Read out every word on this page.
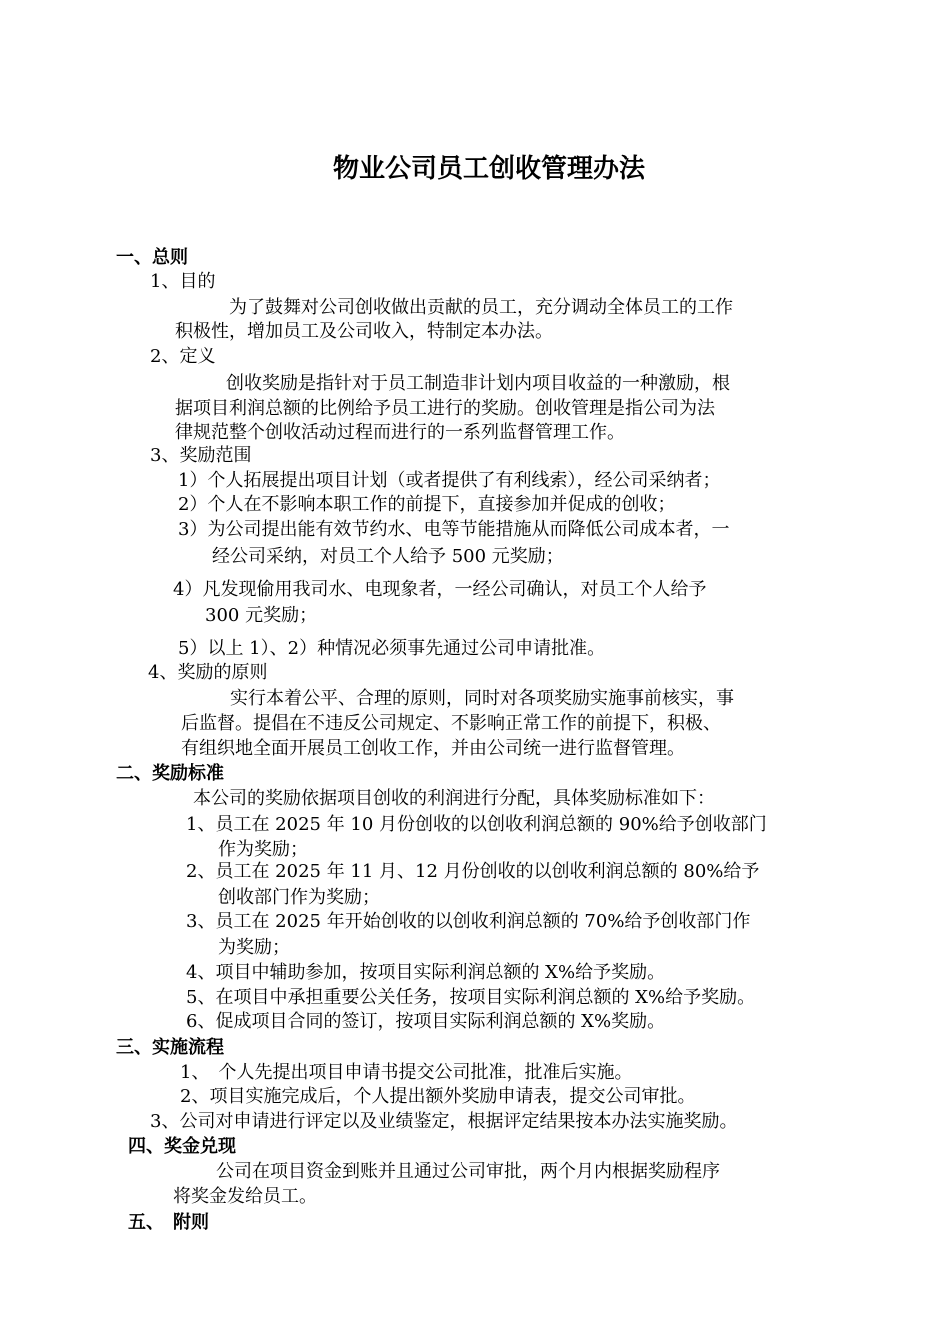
物业公司员工创收管理办法
一、总则
1、目的
为了鼓舞对公司创收做出贡献的员工，充分调动全体员工的工作
积极性，增加员工及公司收入，特制定本办法。
2、定义
创收奖励是指针对于员工制造非计划内项目收益的一种激励，根
据项目利润总额的比例给予员工进行的奖励。创收管理是指公司为法
律规范整个创收活动过程而进行的一系列监督管理工作。
3、奖励范围
1）个人拓展提出项目计划（或者提供了有利线索），经公司采纳者；
2）个人在不影响本职工作的前提下，直接参加并促成的创收；
3）为公司提出能有效节约水、电等节能措施从而降低公司成本者，一
经公司采纳，对员工个人给予 500 元奖励；
4）凡发现偷用我司水、电现象者，一经公司确认，对员工个人给予
300 元奖励；
5）以上 1）、2）种情况必须事先通过公司申请批准。
4、奖励的原则
实行本着公平、合理的原则，同时对各项奖励实施事前核实，事
后监督。提倡在不违反公司规定、不影响正常工作的前提下，积极、
有组织地全面开展员工创收工作，并由公司统一进行监督管理。
二、奖励标准
本公司的奖励依据项目创收的利润进行分配，具体奖励标准如下：
1、员工在 2025 年 10 月份创收的以创收利润总额的 90%给予创收部门
作为奖励；
2、员工在 2025 年 11 月、12 月份创收的以创收利润总额的 80%给予
创收部门作为奖励；
3、员工在 2025 年开始创收的以创收利润总额的 70%给予创收部门作
为奖励；
4、项目中辅助参加，按项目实际利润总额的 X%给予奖励。
5、在项目中承担重要公关任务，按项目实际利润总额的 X%给予奖励。
6、促成项目合同的签订，按项目实际利润总额的 X%奖励。
三、实施流程
1、　个人先提出项目申请书提交公司批准，批准后实施。
2、项目实施完成后，个人提出额外奖励申请表，提交公司审批。
3、公司对申请进行评定以及业绩鉴定，根据评定结果按本办法实施奖励。
四、奖金兑现
公司在项目资金到账并且通过公司审批，两个月内根据奖励程序
将奖金发给员工。
五、　附则
